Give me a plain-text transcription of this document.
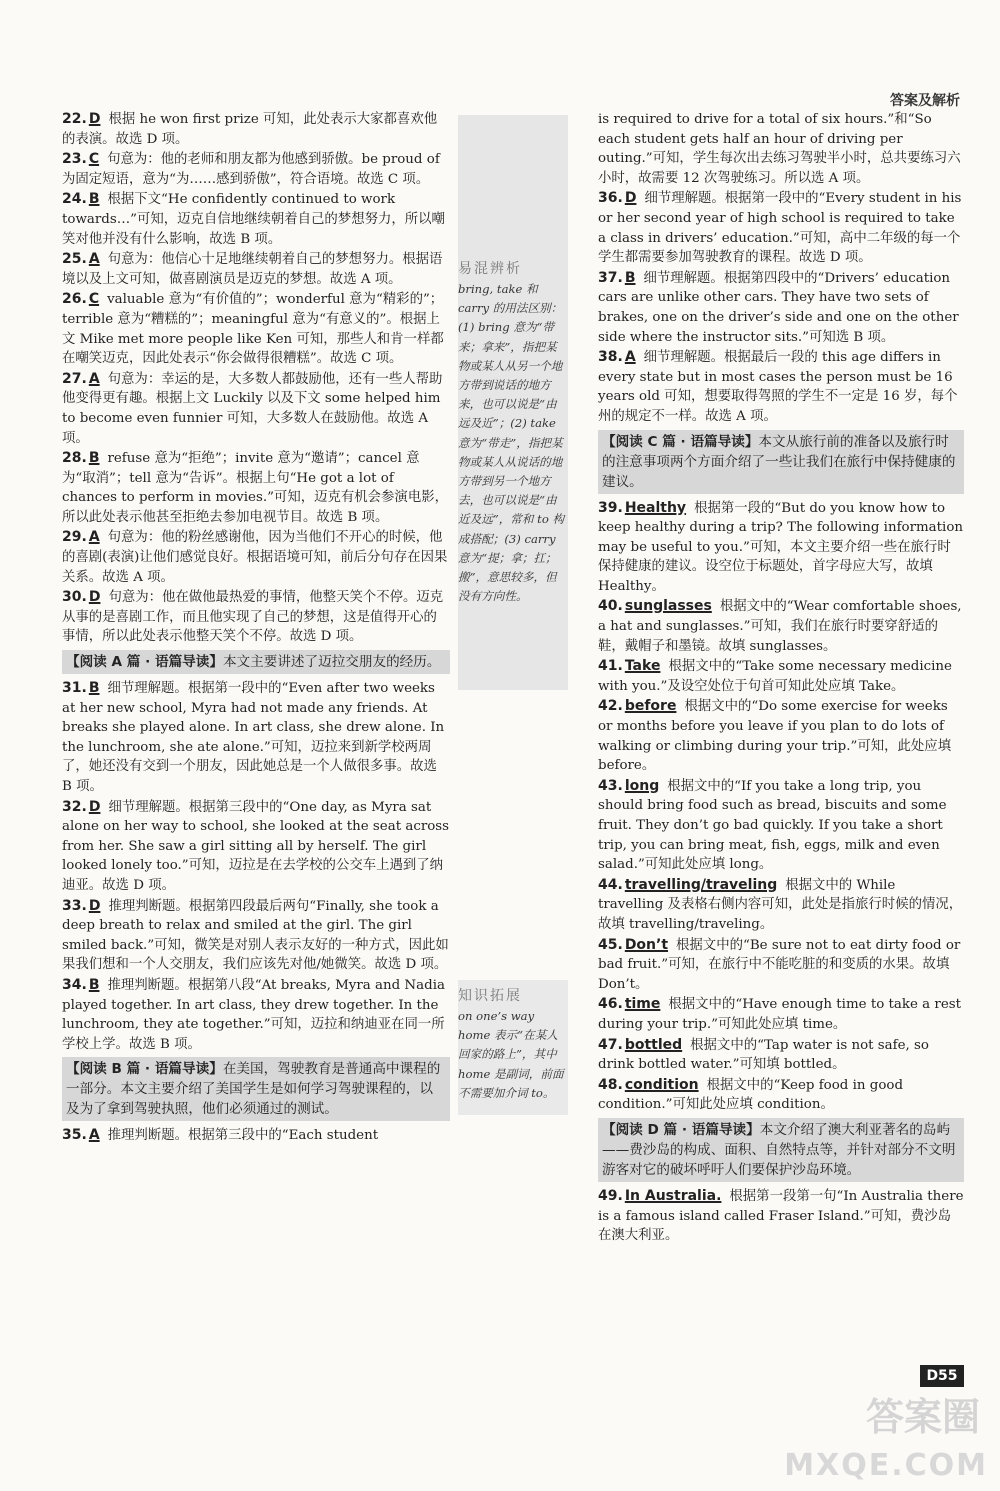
答案及解析
22. D 根据 he won first prize 可知，此处表示大家都喜欢他的表演。故选 D 项。
23. C 句意为：他的老师和朋友都为他感到骄傲。be proud of 为固定短语，意为“为……感到骄傲”，符合语境。故选 C 项。
24. B 根据下文“He confidently continued to work towards…”可知，迈克自信地继续朝着自己的梦想努力，所以嘲笑对他并没有什么影响，故选 B 项。
25. A 句意为：他信心十足地继续朝着自己的梦想努力。根据语境以及上文可知，做喜剧演员是迈克的梦想。故选 A 项。
26. C valuable 意为“有价值的”；wonderful 意为“精彩的”；terrible 意为“糟糕的”；meaningful 意为“有意义的”。根据上文 Mike met more people like Ken 可知，那些人和肯一样都在嘲笑迈克，因此处表示“你会做得很糟糕”。故选 C 项。
27. A 句意为：幸运的是，大多数人都鼓励他，还有一些人帮助他变得更有趣。根据上文 Luckily 以及下文 some helped him to become even funnier 可知，大多数人在鼓励他。故选 A 项。
28. B refuse 意为“拒绝”；invite 意为“邀请”；cancel 意为“取消”；tell 意为“告诉”。根据上句“He got a lot of chances to perform in movies.”可知，迈克有机会参演电影，所以此处表示他甚至拒绝去参加电视节目。故选 B 项。
29. A 句意为：他的粉丝感谢他，因为当他们不开心的时候，他的喜剧(表演)让他们感觉良好。根据语境可知，前后分句存在因果关系。故选 A 项。
30. D 句意为：他在做他最热爱的事情，他整天笑个不停。迈克从事的是喜剧工作，而且他实现了自己的梦想，这是值得开心的事情，所以此处表示他整天笑个不停。故选 D 项。
【阅读 A 篇 · 语篇导读】本文主要讲述了迈拉交朋友的经历。
31. B 细节理解题。根据第一段中的“Even after two weeks at her new school, Myra had not made any friends. At breaks she played alone. In art class, she drew alone. In the lunchroom, she ate alone.”可知，迈拉来到新学校两周了，她还没有交到一个朋友，因此她总是一个人做很多事。故选 B 项。
32. D 细节理解题。根据第三段中的“One day, as Myra sat alone on her way to school, she looked at the seat across from her. She saw a girl sitting all by herself. The girl looked lonely too.”可知，迈拉是在去学校的公交车上遇到了纳迪亚。故选 D 项。
33. D 推理判断题。根据第四段最后两句“Finally, she took a deep breath to relax and smiled at the girl. The girl smiled back.”可知，微笑是对别人表示友好的一种方式，因此如果我们想和一个人交朋友，我们应该先对他/她微笑。故选 D 项。
34. B 推理判断题。根据第八段“At breaks, Myra and Nadia played together. In art class, they drew together. In the lunchroom, they ate together.”可知，迈拉和纳迪亚在同一所学校上学。故选 B 项。
【阅读 B 篇 · 语篇导读】在美国，驾驶教育是普通高中课程的一部分。本文主要介绍了美国学生是如何学习驾驶课程的，以及为了拿到驾驶执照，他们必须通过的测试。
35. A 推理判断题。根据第三段中的“Each student
易混辨析
bring, take 和 carry 的用法区别：(1) bring 意为“带来；拿来”，指把某物或某人从另一个地方带到说话的地方来，也可以说是“由远及近”；(2) take 意为“带走”，指把某物或某人从说话的地方带到另一个地方去，也可以说是“由近及远”，常和 to 构成搭配；(3) carry 意为“提；拿；扛；搬”，意思较多，但没有方向性。
知识拓展
on one’s way home 表示“在某人回家的路上”，其中 home 是副词，前面不需要加介词 to。
is required to drive for a total of six hours.”和“So each student gets half an hour of driving per outing.”可知，学生每次出去练习驾驶半小时，总共要练习六小时，故需要 12 次驾驶练习。所以选 A 项。
36. D 细节理解题。根据第一段中的“Every student in his or her second year of high school is required to take a class in drivers’ education.”可知，高中二年级的每一个学生都需要参加驾驶教育的课程。故选 D 项。
37. B 细节理解题。根据第四段中的“Drivers’ education cars are unlike other cars. They have two sets of brakes, one on the driver’s side and one on the other side where the instructor sits.”可知选 B 项。
38. A 细节理解题。根据最后一段的 this age differs in every state but in most cases the person must be 16 years old 可知，想要取得驾照的学生不一定是 16 岁，每个州的规定不一样。故选 A 项。
【阅读 C 篇 · 语篇导读】本文从旅行前的准备以及旅行时的注意事项两个方面介绍了一些让我们在旅行中保持健康的建议。
39. Healthy 根据第一段的“But do you know how to keep healthy during a trip? The following information may be useful to you.”可知，本文主要介绍一些在旅行时保持健康的建议。设空位于标题处，首字母应大写，故填 Healthy。
40. sunglasses 根据文中的“Wear comfortable shoes, a hat and sunglasses.”可知，我们在旅行时要穿舒适的鞋，戴帽子和墨镜。故填 sunglasses。
41. Take 根据文中的“Take some necessary medicine with you.”及设空处位于句首可知此处应填 Take。
42. before 根据文中的“Do some exercise for weeks or months before you leave if you plan to do lots of walking or climbing during your trip.”可知，此处应填 before。
43. long 根据文中的“If you take a long trip, you should bring food such as bread, biscuits and some fruit. They don’t go bad quickly. If you take a short trip, you can bring meat, fish, eggs, milk and even salad.”可知此处应填 long。
44. travelling/traveling 根据文中的 While travelling 及表格右侧内容可知，此处是指旅行时候的情况，故填 travelling/traveling。
45. Don’t 根据文中的“Be sure not to eat dirty food or bad fruit.”可知，在旅行中不能吃脏的和变质的水果。故填 Don’t。
46. time 根据文中的“Have enough time to take a rest during your trip.”可知此处应填 time。
47. bottled 根据文中的“Tap water is not safe, so drink bottled water.”可知填 bottled。
48. condition 根据文中的“Keep food in good condition.”可知此处应填 condition。
【阅读 D 篇 · 语篇导读】本文介绍了澳大利亚著名的岛屿——费沙岛的构成、面积、自然特点等，并针对部分不文明游客对它的破坏呼吁人们要保护沙岛环境。
49. In Australia. 根据第一段第一句“In Australia there is a famous island called Fraser Island.”可知，费沙岛在澳大利亚。
D55
答案圈
MXQE.COM
